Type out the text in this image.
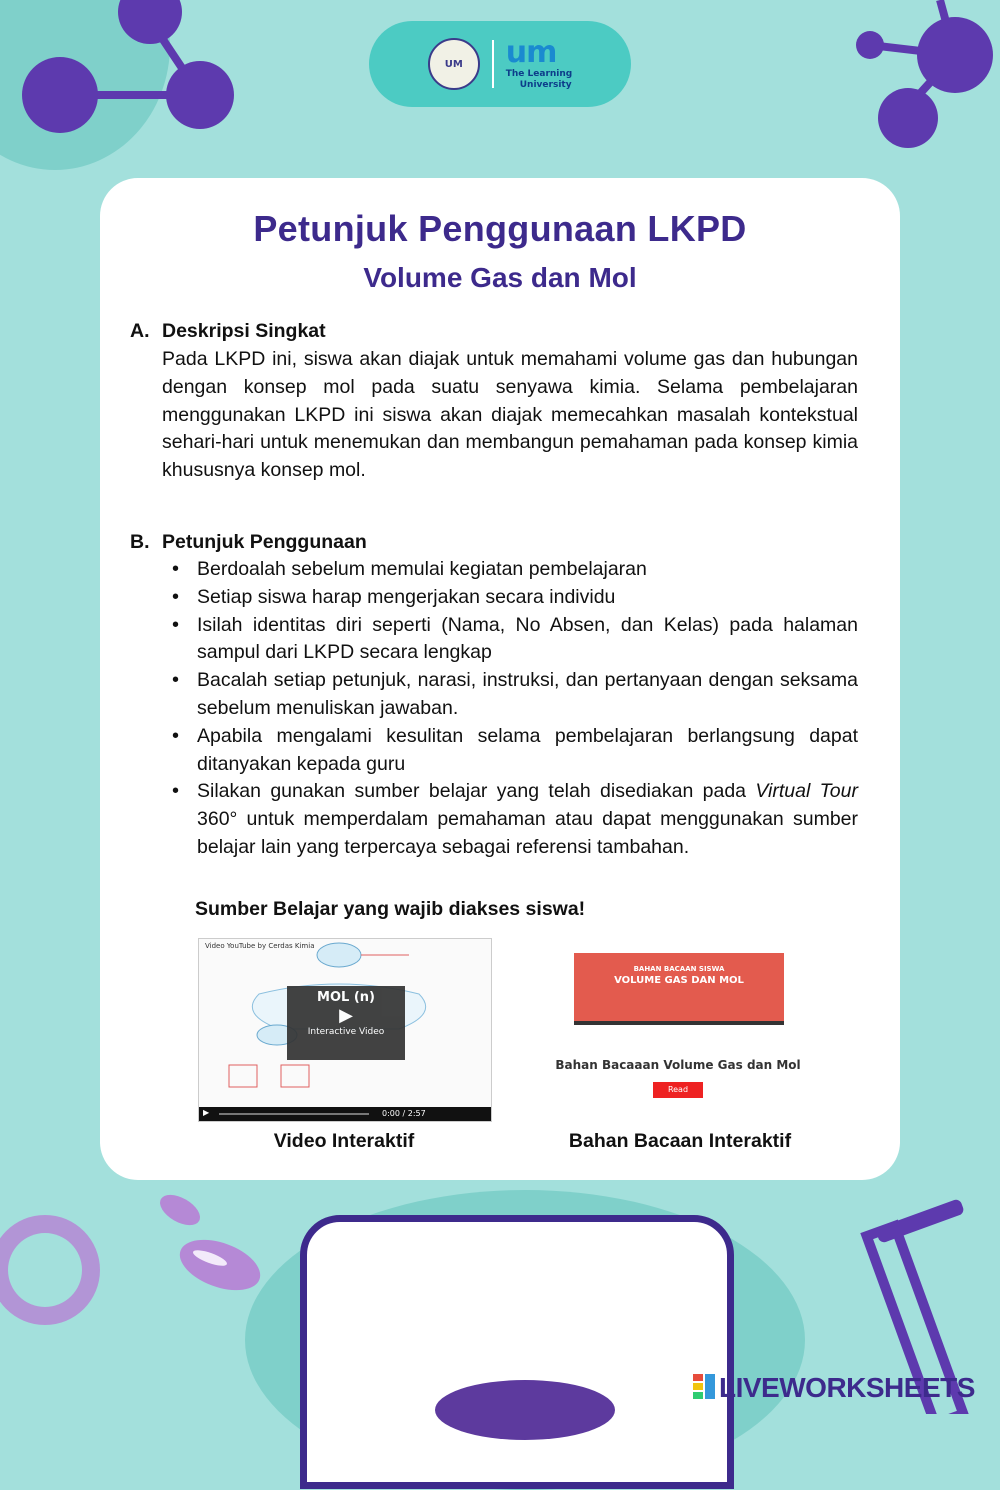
UM um
The Learning
University
Petunjuk Penggunaan LKPD
Volume Gas dan Mol
A. Deskripsi Singkat
Pada LKPD ini, siswa akan diajak untuk memahami volume gas dan hubungan dengan konsep mol pada suatu senyawa kimia. Selama pembelajaran menggunakan LKPD ini siswa akan diajak memecahkan masalah kontekstual sehari-hari untuk menemukan dan membangun pemahaman pada konsep kimia khususnya konsep mol.
B. Petunjuk Penggunaan
• Berdoalah sebelum memulai kegiatan pembelajaran
• Setiap siswa harap mengerjakan secara individu
• Isilah identitas diri seperti (Nama, No Absen, dan Kelas) pada halaman sampul dari LKPD secara lengkap
• Bacalah setiap petunjuk, narasi, instruksi, dan pertanyaan dengan seksama sebelum menuliskan jawaban.
• Apabila mengalami kesulitan selama pembelajaran berlangsung dapat ditanyakan kepada guru
• Silakan gunakan sumber belajar yang telah disediakan pada Virtual Tour 360° untuk memperdalam pemahaman atau dapat menggunakan sumber belajar lain yang terpercaya sebagai referensi tambahan.
Sumber Belajar yang wajib diakses siswa!
Video YouTube by Cerdas Kimia
MOL (n)
▶
Interactive Video
▶	0:00 / 2:57
Video Interaktif
BAHAN BACAAN SISWA
VOLUME GAS DAN MOL
Bahan Bacaaan Volume Gas dan Mol
Read
Bahan Bacaan Interaktif
LIVEWORKSHEETS
